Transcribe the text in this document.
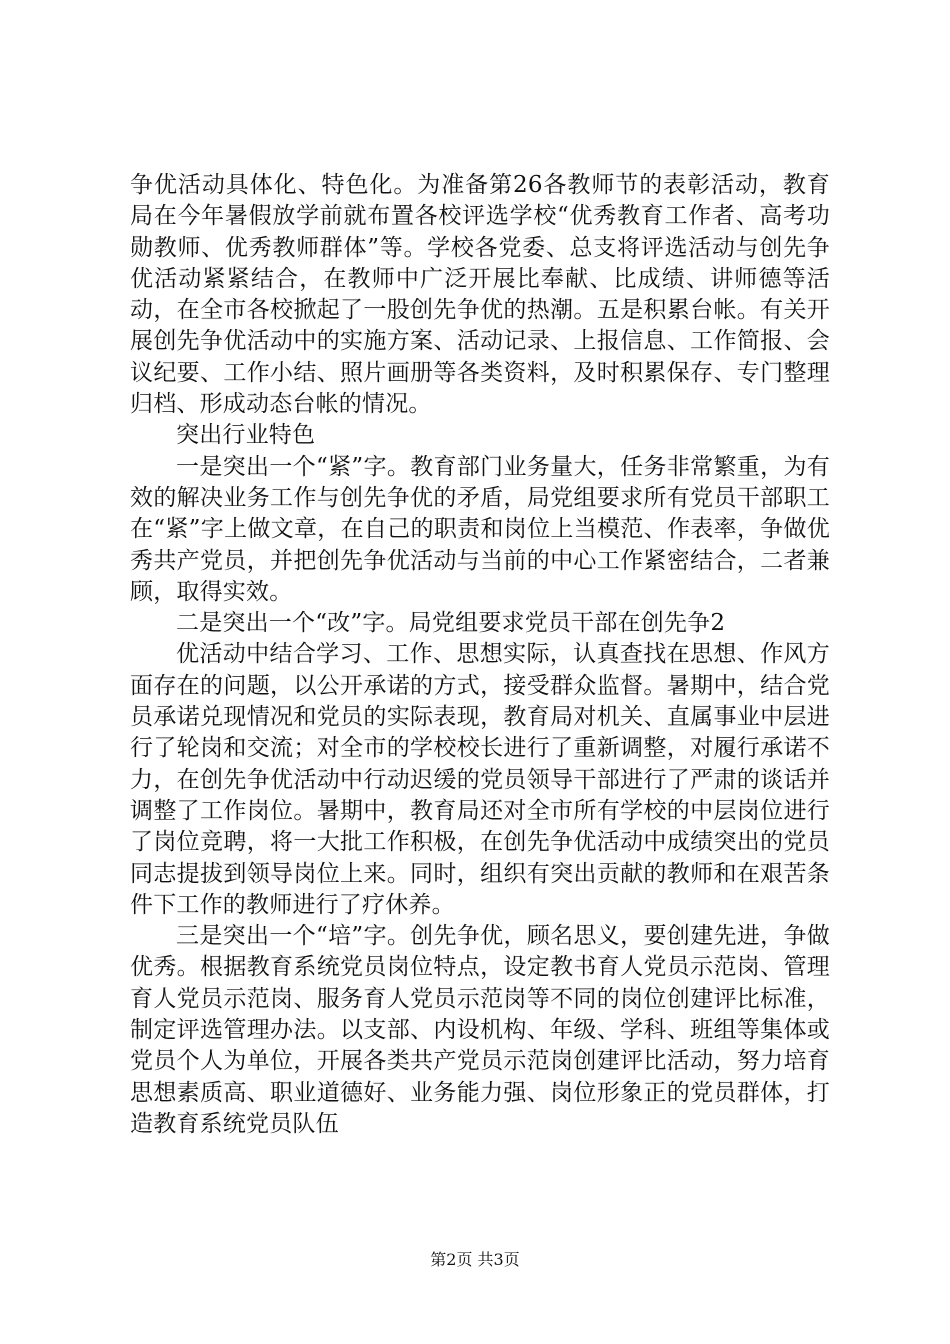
争优活动具体化、特色化。为准备第26各教师节的表彰活动，教育局在今年暑假放学前就布置各校评选学校“优秀教育工作者、高考功勋教师、优秀教师群体”等。学校各党委、总支将评选活动与创先争优活动紧紧结合，在教师中广泛开展比奉献、比成绩、讲师德等活动，在全市各校掀起了一股创先争优的热潮。五是积累台帐。有关开展创先争优活动中的实施方案、活动记录、上报信息、工作简报、会议纪要、工作小结、照片画册等各类资料，及时积累保存、专门整理归档、形成动态台帐的情况。

突出行业特色

一是突出一个“紧”字。教育部门业务量大，任务非常繁重，为有效的解决业务工作与创先争优的矛盾，局党组要求所有党员干部职工在“紧”字上做文章，在自己的职责和岗位上当模范、作表率，争做优秀共产党员，并把创先争优活动与当前的中心工作紧密结合，二者兼顾，取得实效。

二是突出一个“改”字。局党组要求党员干部在创先争2

优活动中结合学习、工作、思想实际，认真查找在思想、作风方面存在的问题，以公开承诺的方式，接受群众监督。暑期中，结合党员承诺兑现情况和党员的实际表现，教育局对机关、直属事业中层进行了轮岗和交流；对全市的学校校长进行了重新调整，对履行承诺不力，在创先争优活动中行动迟缓的党员领导干部进行了严肃的谈话并调整了工作岗位。暑期中，教育局还对全市所有学校的中层岗位进行了岗位竞聘，将一大批工作积极，在创先争优活动中成绩突出的党员同志提拔到领导岗位上来。同时，组织有突出贡献的教师和在艰苦条件下工作的教师进行了疗休养。

三是突出一个“培”字。创先争优，顾名思义，要创建先进，争做优秀。根据教育系统党员岗位特点，设定教书育人党员示范岗、管理育人党员示范岗、服务育人党员示范岗等不同的岗位创建评比标准，制定评选管理办法。以支部、内设机构、年级、学科、班组等集体或党员个人为单位，开展各类共产党员示范岗创建评比活动，努力培育思想素质高、职业道德好、业务能力强、岗位形象正的党员群体，打造教育系统党员队伍

第2页 共3页
